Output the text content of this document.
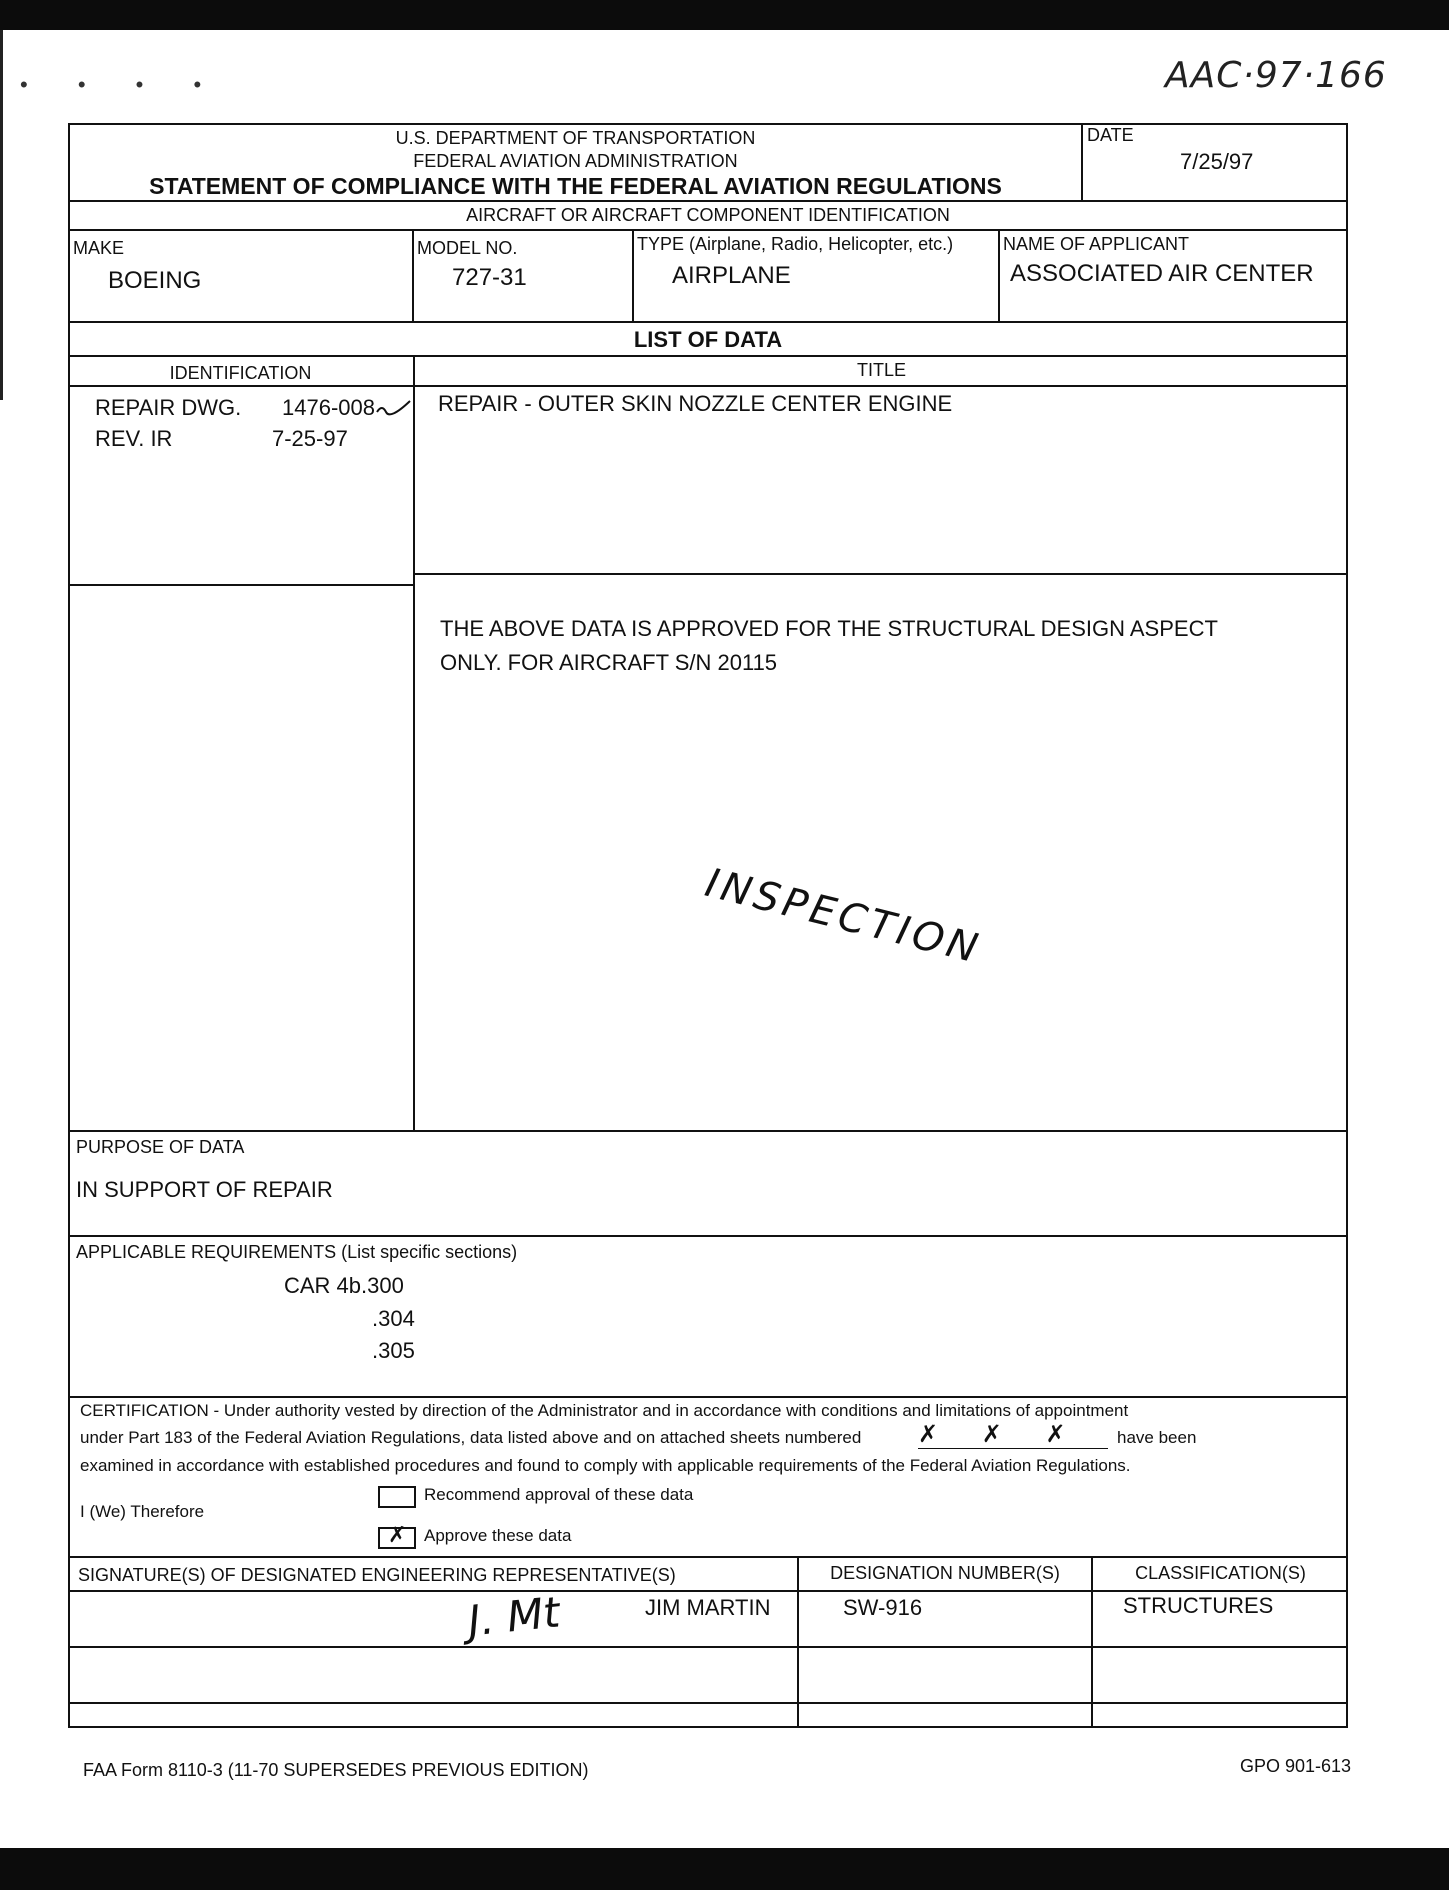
AAC·97·166
• • • •
U.S. DEPARTMENT OF TRANSPORTATION
FEDERAL AVIATION ADMINISTRATION
STATEMENT OF COMPLIANCE WITH THE FEDERAL AVIATION REGULATIONS
DATE
7/25/97
AIRCRAFT OR AIRCRAFT COMPONENT IDENTIFICATION
MAKE
BOEING
MODEL NO.
727-31
TYPE (Airplane, Radio, Helicopter, etc.)
AIRPLANE
NAME OF APPLICANT
ASSOCIATED AIR CENTER
LIST OF DATA
IDENTIFICATION	TITLE
REPAIR DWG. 1476-008
REV. IR	7-25-97
REPAIR - OUTER SKIN NOZZLE CENTER ENGINE
THE ABOVE DATA IS APPROVED FOR THE STRUCTURAL DESIGN ASPECT
ONLY. FOR AIRCRAFT S/N 20115
INSPECTION
PURPOSE OF DATA
IN SUPPORT OF REPAIR
APPLICABLE REQUIREMENTS (List specific sections)
CAR 4b.300
.304
.305
CERTIFICATION - Under authority vested by direction of the Administrator and in accordance with conditions and limitations of appointment
under Part 183 of the Federal Aviation Regulations, data listed above and on attached sheets numbered ✗ ✗ ✗	have been
examined in accordance with established procedures and found to comply with applicable requirements of the Federal Aviation Regulations.
I (We) Therefore
Recommend approval of these data
✗ Approve these data
SIGNATURE(S) OF DESIGNATED ENGINEERING REPRESENTATIVE(S)	DESIGNATION NUMBER(S)	CLASSIFICATION(S)
J. Mt	JIM MARTIN	SW-916	STRUCTURES
FAA Form 8110-3 (11-70 SUPERSEDES PREVIOUS EDITION)	GPO 901-613
